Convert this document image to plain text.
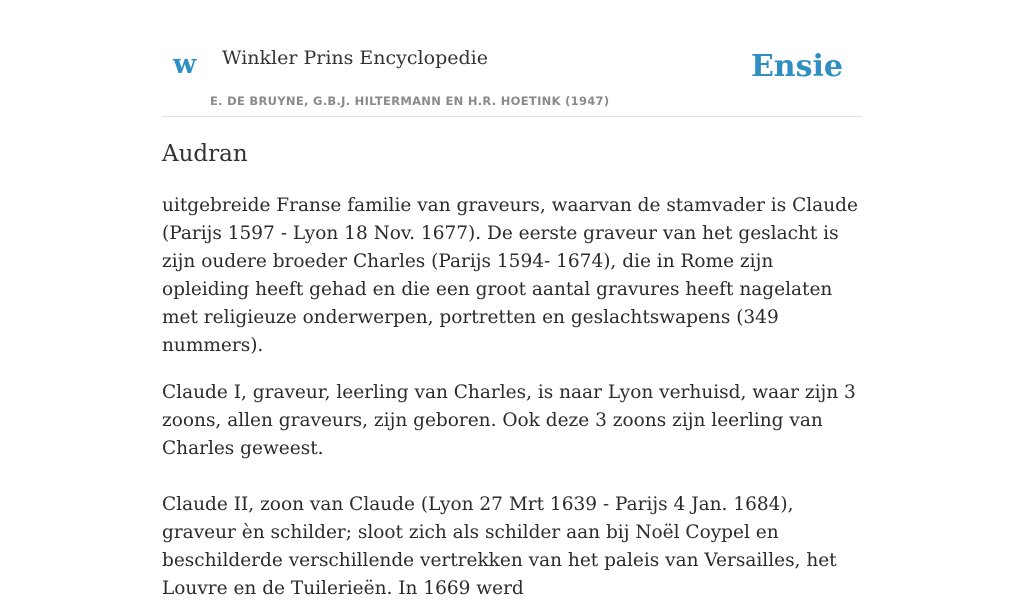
w Winkler Prins Encyclopedie
E. DE BRUYNE, G.B.J. HILTERMANN EN H.R. HOETINK (1947)
Ensie
Audran

uitgebreide Franse familie van graveurs, waarvan de stamvader is Claude (Parijs 1597 - Lyon 18 Nov. 1677). De eerste graveur van het geslacht is zijn oudere broeder Charles (Parijs 1594- 1674), die in Rome zijn opleiding heeft gehad en die een groot aantal gravures heeft nagelaten met religieuze onderwerpen, portretten en geslachtswapens (349 nummers).

Claude I, graveur, leerling van Charles, is naar Lyon verhuisd, waar zijn 3 zoons, allen graveurs, zijn geboren. Ook deze 3 zoons zijn leerling van Charles geweest.

Claude II, zoon van Claude (Lyon 27 Mrt 1639 - Parijs 4 Jan. 1684), graveur èn schilder; sloot zich als schilder aan bij Noël Coypel en beschilderde verschillende vertrekken van het paleis van Versailles, het Louvre en de Tuilerieën. In 1669 werd
